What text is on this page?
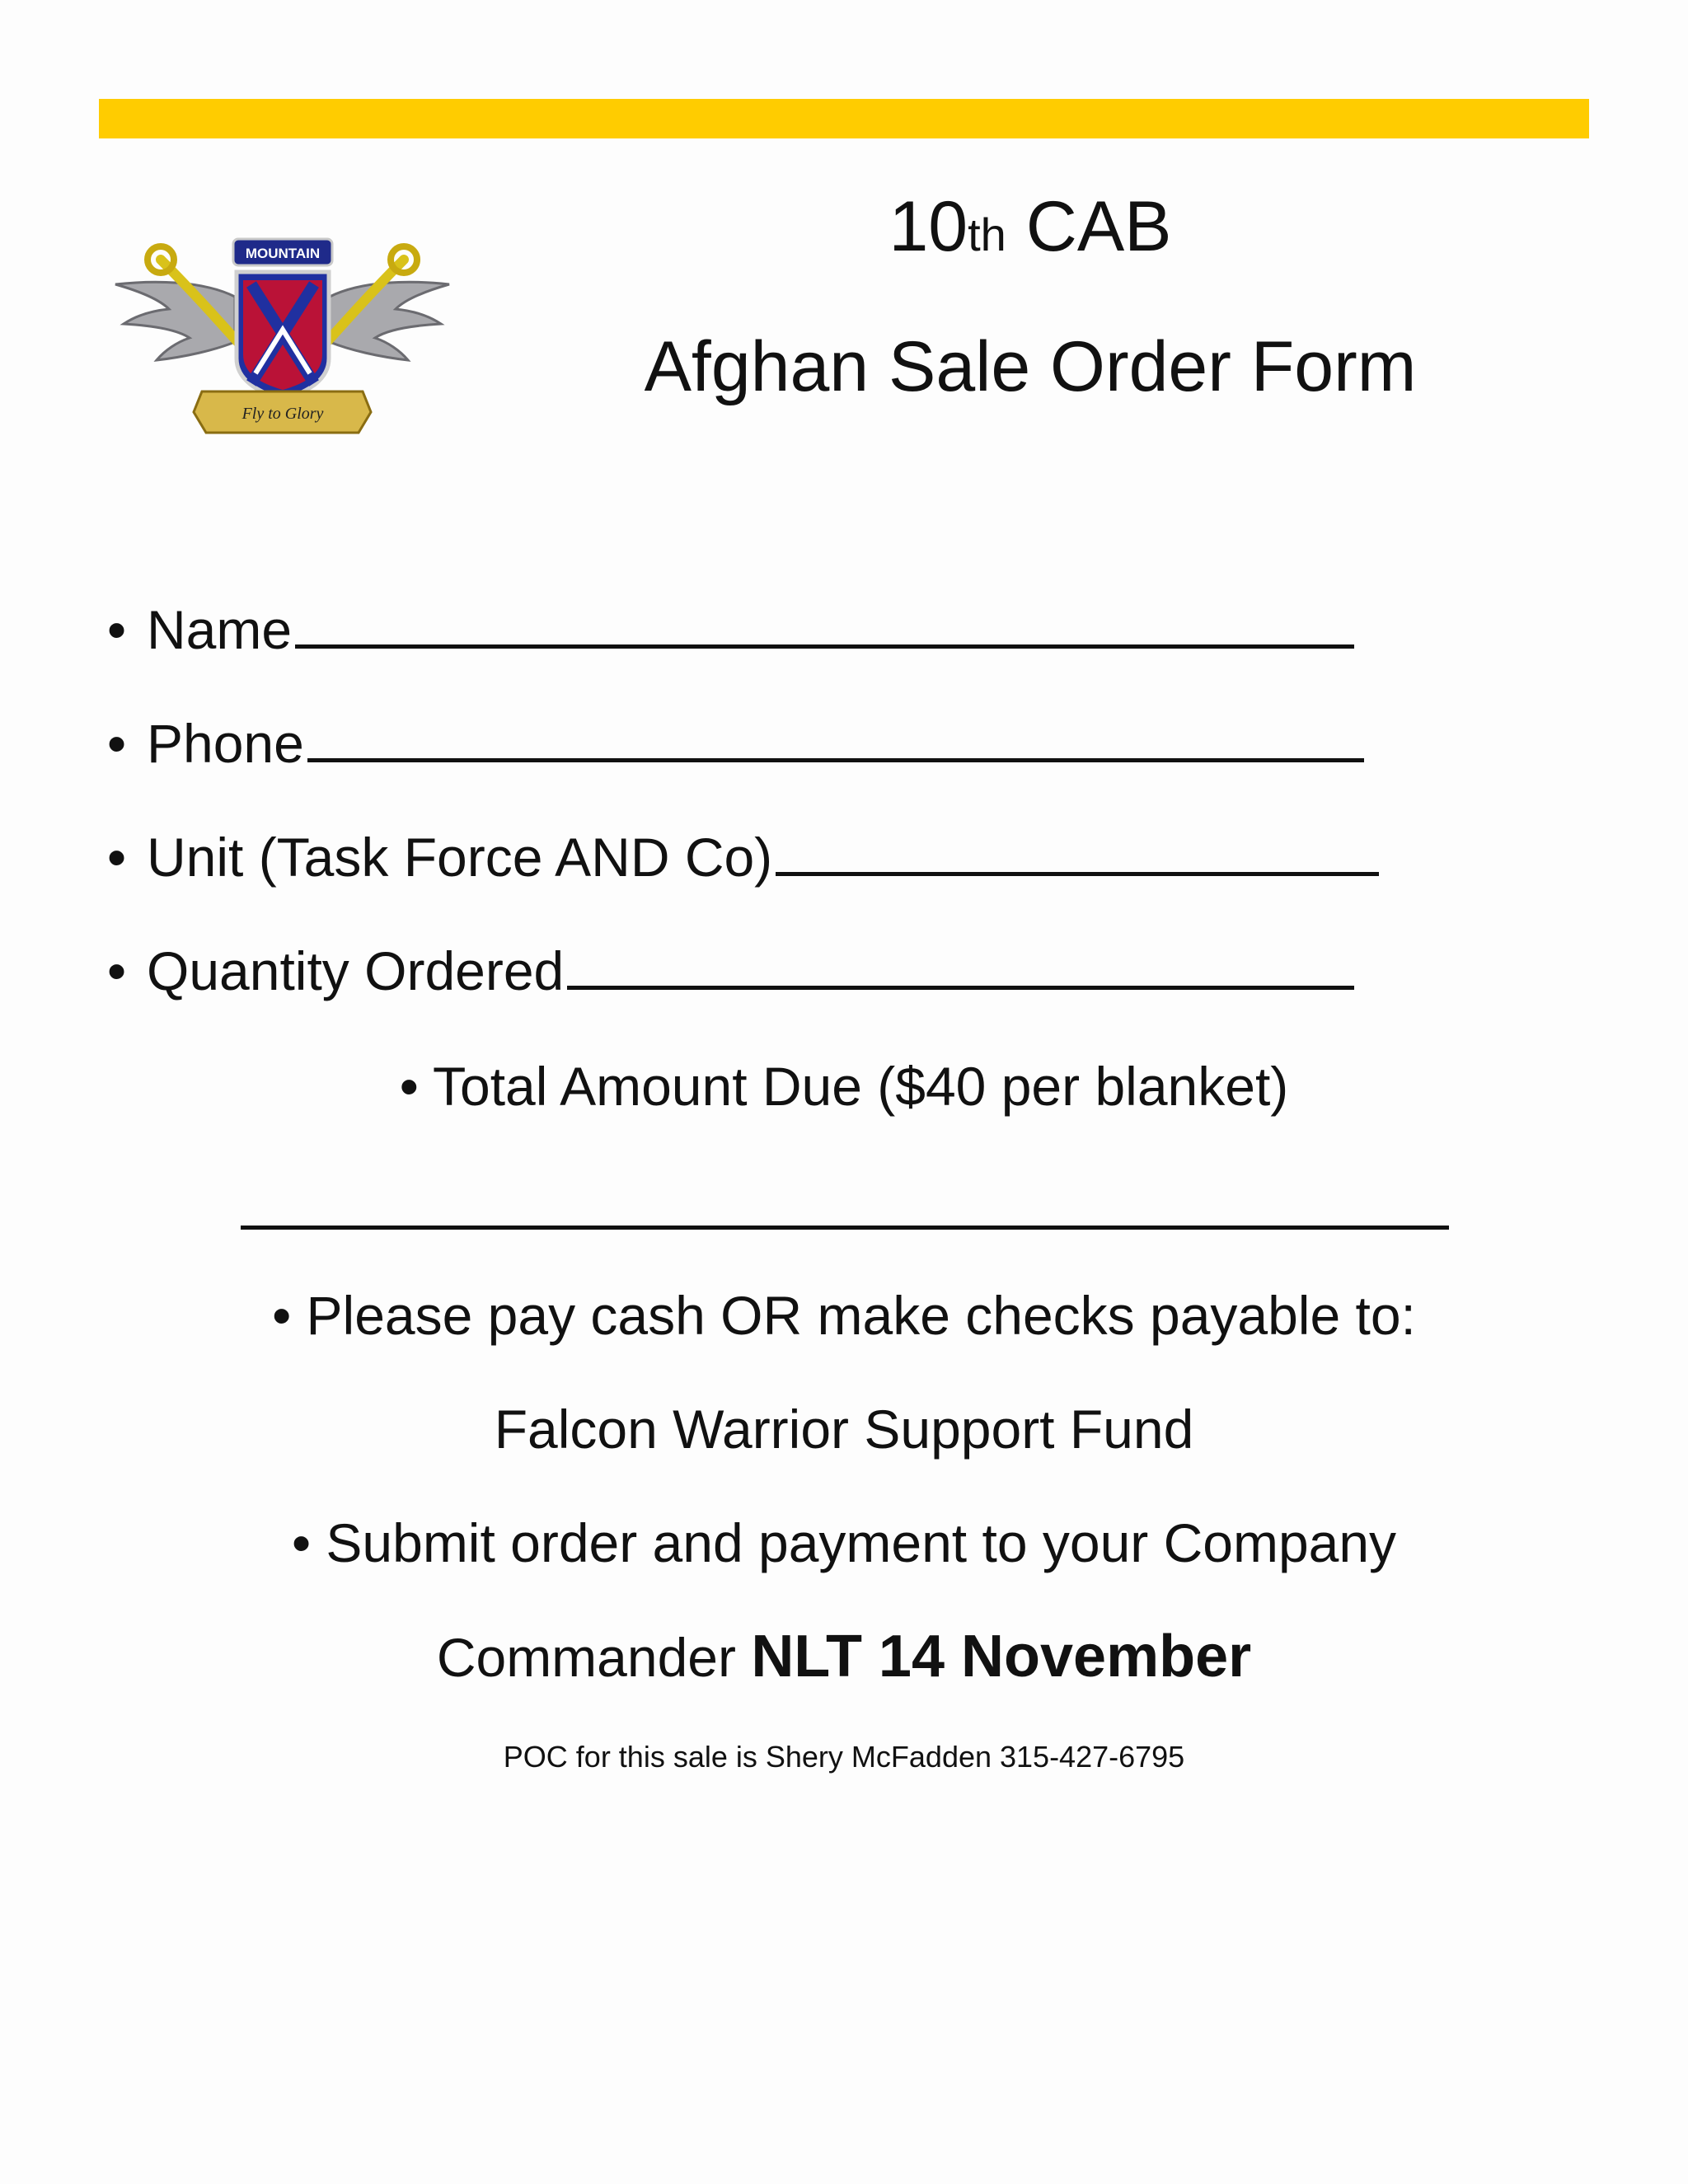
MOUNTAIN
Fly to Glory
10th CAB
Afghan Sale Order Form
• Name
• Phone
• Unit (Task Force AND Co)
• Quantity Ordered
• Total Amount Due ($40 per blanket)
• Please pay cash OR make checks payable to:
Falcon Warrior Support Fund
• Submit order and payment to your Company
Commander NLT 14 November
POC for this sale is Shery McFadden 315-427-6795
